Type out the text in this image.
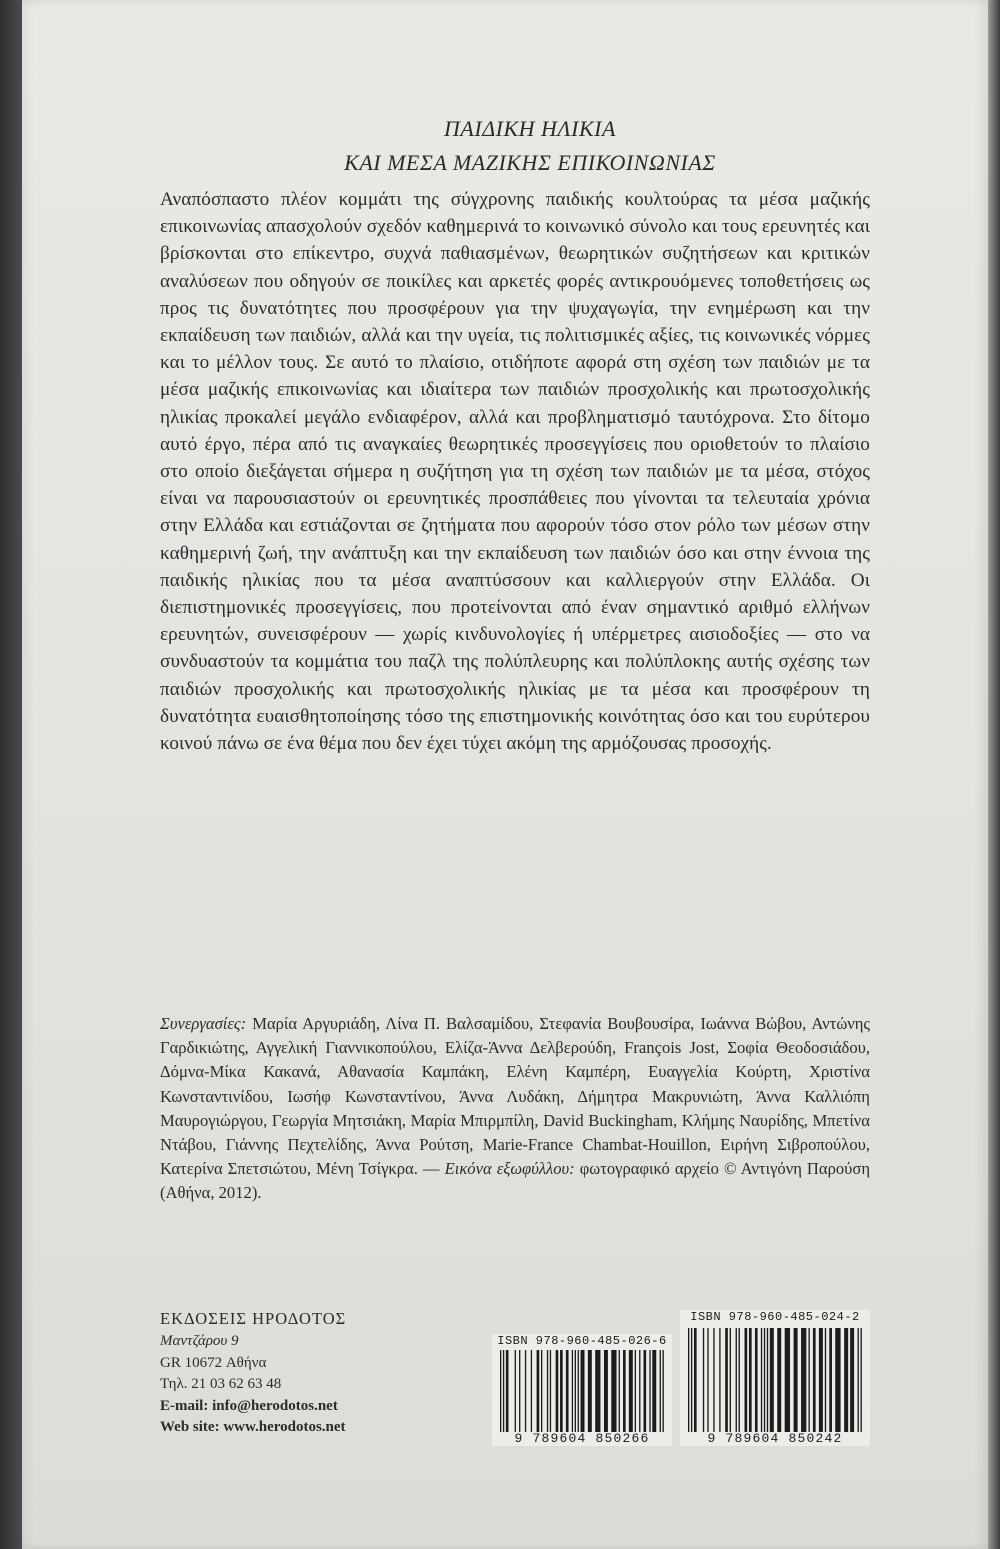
ΠΑΙΔΙΚΗ ΗΛΙΚΙΑ
ΚΑΙ ΜΕΣΑ ΜΑΖΙΚΗΣ ΕΠΙΚΟΙΝΩΝΙΑΣ
Αναπόσπαστο πλέον κομμάτι της σύγχρονης παιδικής κουλτούρας τα μέσα μαζικής επικοινωνίας απασχολούν σχεδόν καθημερινά το κοινωνικό σύνολο και τους ερευνητές και βρίσκονται στο επίκεντρο, συχνά παθιασμένων, θεωρητικών συζητήσεων και κριτικών αναλύσεων που οδηγούν σε ποικίλες και αρκετές φορές αντικρουόμενες τοποθετήσεις ως προς τις δυνατότητες που προσφέρουν για την ψυχαγωγία, την ενημέρωση και την εκπαίδευση των παιδιών, αλλά και την υγεία, τις πολιτισμικές αξίες, τις κοινωνικές νόρμες και το μέλλον τους. Σε αυτό το πλαίσιο, οτιδήποτε αφορά στη σχέση των παιδιών με τα μέσα μαζικής επικοινωνίας και ιδιαίτερα των παιδιών προσχολικής και πρωτοσχολικής ηλικίας προκαλεί μεγάλο ενδιαφέρον, αλλά και προβληματισμό ταυτόχρονα. Στο δίτομο αυτό έργο, πέρα από τις αναγκαίες θεωρητικές προσεγγίσεις που οριοθετούν το πλαίσιο στο οποίο διεξάγεται σήμερα η συζήτηση για τη σχέση των παιδιών με τα μέσα, στόχος είναι να παρουσιαστούν οι ερευνητικές προσπάθειες που γίνονται τα τελευταία χρόνια στην Ελλάδα και εστιάζονται σε ζητήματα που αφορούν τόσο στον ρόλο των μέσων στην καθημερινή ζωή, την ανάπτυξη και την εκπαίδευση των παιδιών όσο και στην έννοια της παιδικής ηλικίας που τα μέσα αναπτύσσουν και καλλιεργούν στην Ελλάδα. Οι διεπιστημονικές προσεγγίσεις, που προτείνονται από έναν σημαντικό αριθμό ελλήνων ερευνητών, συνεισφέρουν — χωρίς κινδυνολογίες ή υπέρμετρες αισιοδοξίες — στο να συνδυαστούν τα κομμάτια του παζλ της πολύπλευρης και πολύπλοκης αυτής σχέσης των παιδιών προσχολικής και πρωτοσχολικής ηλικίας με τα μέσα και προσφέρουν τη δυνατότητα ευαισθητοποίησης τόσο της επιστημονικής κοινότητας όσο και του ευρύτερου κοινού πάνω σε ένα θέμα που δεν έχει τύχει ακόμη της αρμόζουσας προσοχής.
Συνεργασίες: Μαρία Αργυριάδη, Λίνα Π. Βαλσαμίδου, Στεφανία Βουβουσίρα, Ιωάννα Βώβου, Αντώνης Γαρδικιώτης, Αγγελική Γιαννικοπούλου, Ελίζα-Άννα Δελβερούδη, François Jost, Σοφία Θεοδοσιάδου, Δόμνα-Μίκα Κακανά, Αθανασία Καμπάκη, Ελένη Καμπέρη, Ευαγγελία Κούρτη, Χριστίνα Κωνσταντινίδου, Ιωσήφ Κωνσταντίνου, Άννα Λυδάκη, Δήμητρα Μακρυνιώτη, Άννα Καλλιόπη Μαυρογιώργου, Γεωργία Μητσιάκη, Μαρία Μπιρμπίλη, David Buckingham, Κλήμης Ναυρίδης, Μπετίνα Ντάβου, Γιάννης Πεχτελίδης, Άννα Ρούτση, Marie-France Chambat-Houillon, Ειρήνη Σιβροπούλου, Κατερίνα Σπετσιώτου, Μένη Τσίγκρα. — Εικόνα εξωφύλλου: φωτογραφικό αρχείο © Αντιγόνη Παρούση (Αθήνα, 2012).
ΕΚΔΟΣΕΙΣ ΗΡΟΔΟΤΟΣ
Μαντζάρου 9
GR 10672 Αθήνα
Τηλ. 21 03 62 63 48
E-mail: info@herodotos.net
Web site: www.herodotos.net
ISBN 978-960-485-026-6
9 789604 850266
ISBN 978-960-485-024-2
9 789604 850242
